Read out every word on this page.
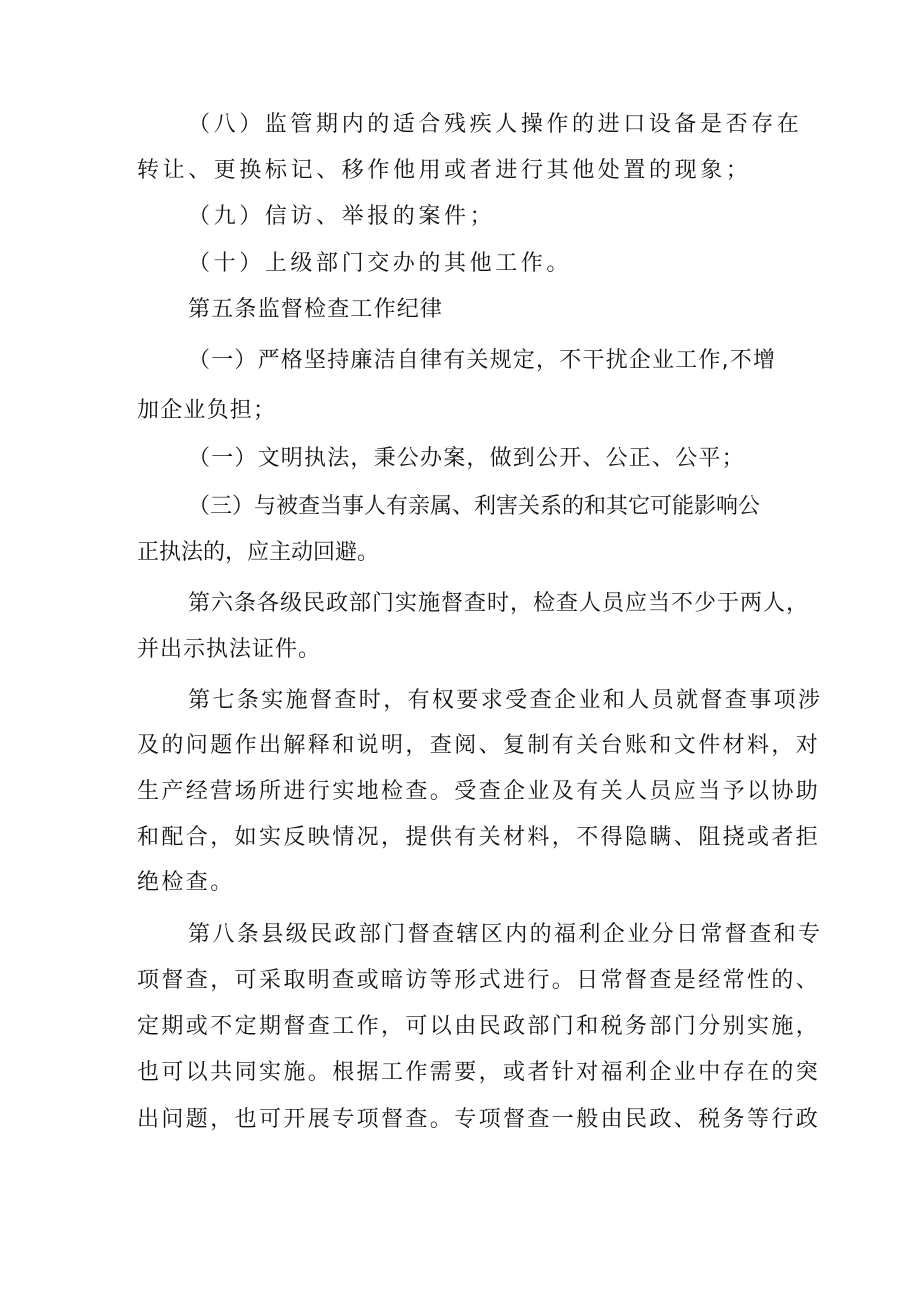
（八）监管期内的适合残疾人操作的进口设备是否存在
转让、更换标记、移作他用或者进行其他处置的现象；
（九）信访、举报的案件；
（十）上级部门交办的其他工作。
第五条监督检查工作纪律
（一）严格坚持廉洁自律有关规定，不干扰企业工作,不增
加企业负担；
（一）文明执法，秉公办案，做到公开、公正、公平；
（三）与被查当事人有亲属、利害关系的和其它可能影响公
正执法的，应主动回避。
第六条各级民政部门实施督查时，检查人员应当不少于两人，
并出示执法证件。
第七条实施督查时，有权要求受查企业和人员就督查事项涉
及的问题作出解释和说明，查阅、复制有关台账和文件材料，对
生产经营场所进行实地检查。受查企业及有关人员应当予以协助
和配合，如实反映情况，提供有关材料，不得隐瞒、阻挠或者拒
绝检查。
第八条县级民政部门督查辖区内的福利企业分日常督查和专
项督查，可采取明查或暗访等形式进行。日常督查是经常性的、
定期或不定期督查工作，可以由民政部门和税务部门分别实施，
也可以共同实施。根据工作需要，或者针对福利企业中存在的突
出问题，也可开展专项督查。专项督查一般由民政、税务等行政
